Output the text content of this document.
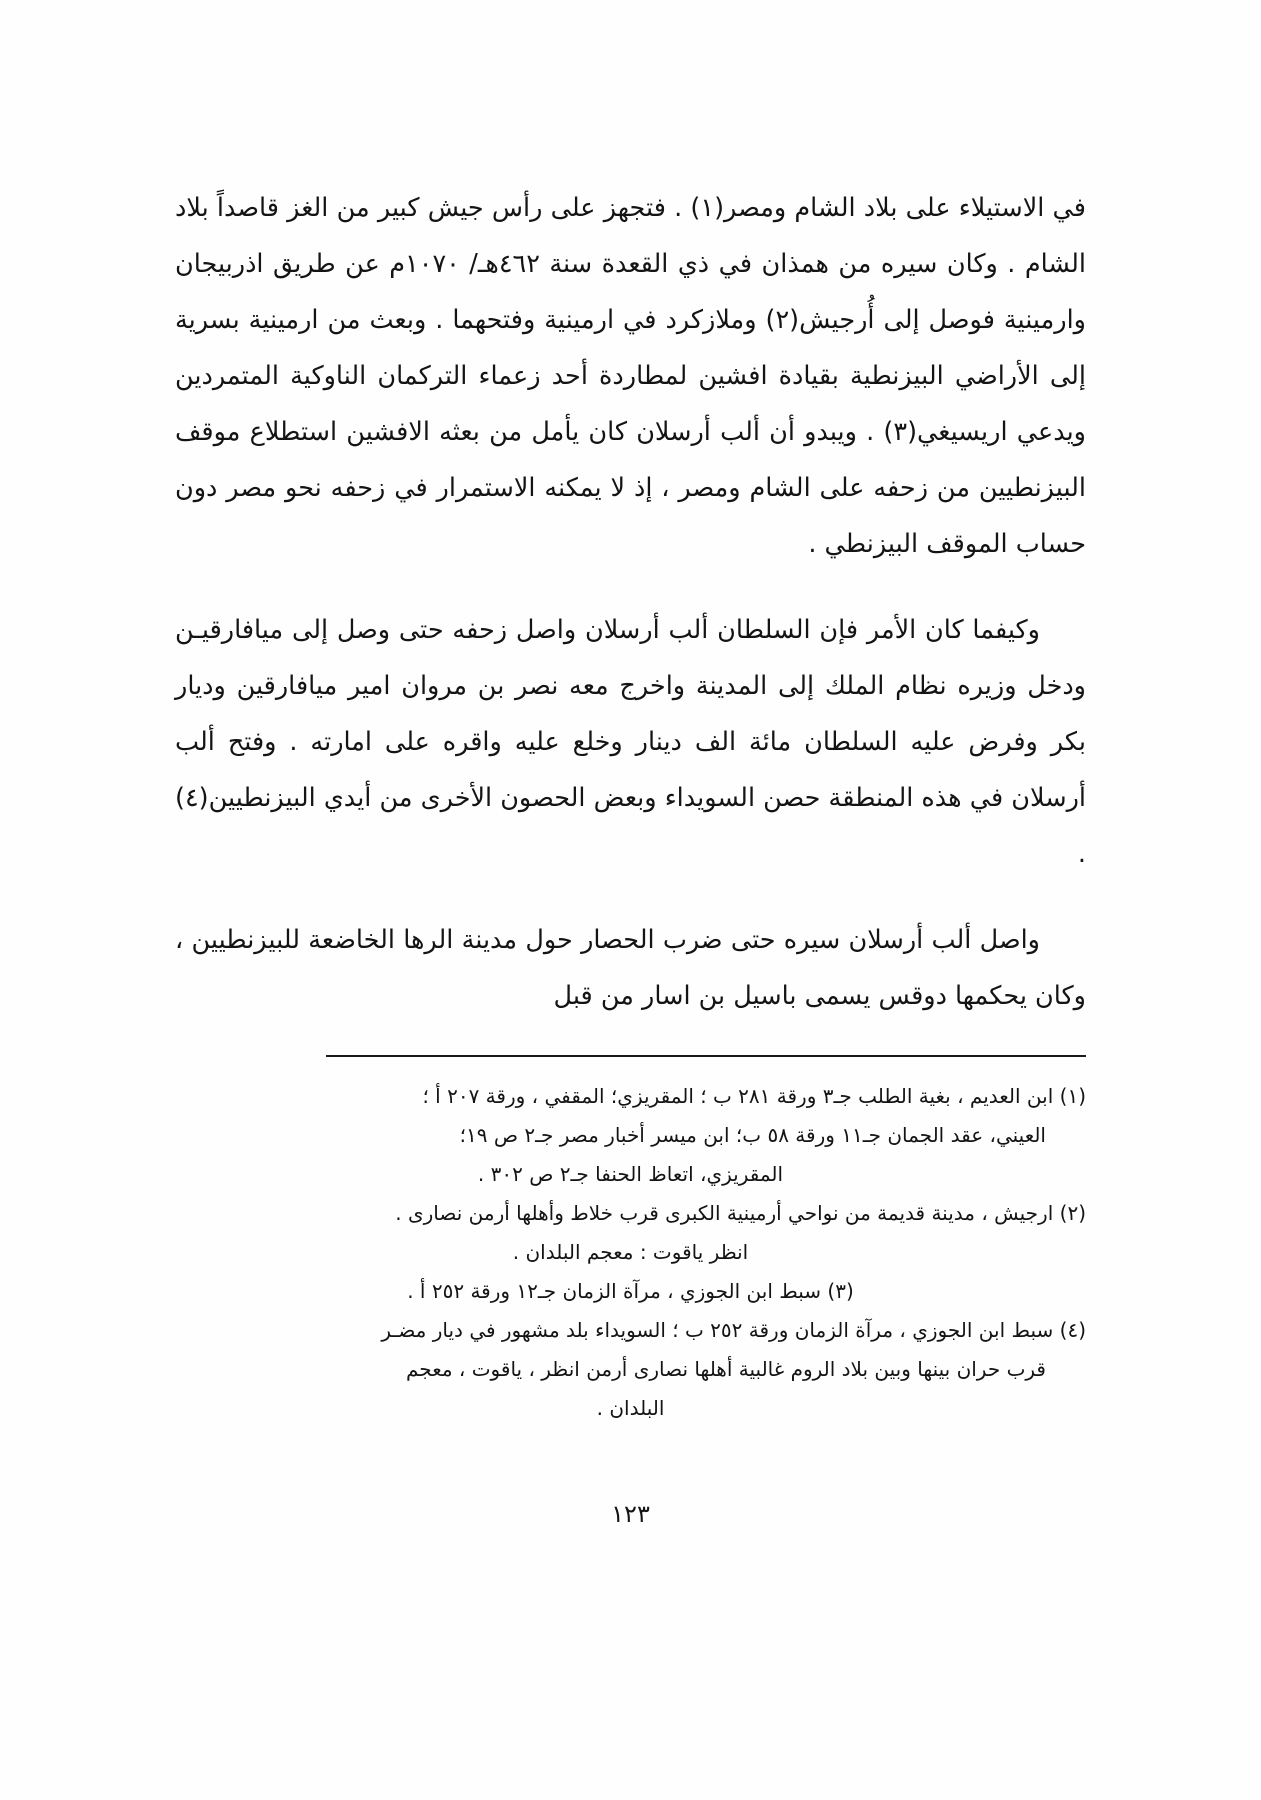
في الاستيلاء على بلاد الشام ومصر(١) . فتجهز على رأس جيش كبير من الغز قاصداً بلاد الشام . وكان سيره من همذان في ذي القعدة سنة ٤٦٢هـ/ ١٠٧٠م عن طريق اذربيجان وارمينية فوصل إلى أُرجيش(٢) وملازكرد في ارمينية وفتحهما . وبعث من ارمينية بسرية إلى الأراضي البيزنطية بقيادة افشين لمطاردة أحد زعماء التركمان الناوكية المتمردين ويدعي اريسيغي(٣) . ويبدو أن ألب أرسلان كان يأمل من بعثه الافشين استطلاع موقف البيزنطيين من زحفه على الشام ومصر ، إذ لا يمكنه الاستمرار في زحفه نحو مصر دون حساب الموقف البيزنطي .

وكيفما كان الأمر فإن السلطان ألب أرسلان واصل زحفه حتى وصل إلى ميافارقيـن ودخل وزيره نظام الملك إلى المدينة واخرج معه نصر بن مروان امير ميافارقين وديار بكر وفرض عليه السلطان مائة الف دينار وخلع عليه واقره على امارته . وفتح ألب أرسلان في هذه المنطقة حصن السويداء وبعض الحصون الأخرى من أيدي البيزنطيين(٤) .

واصل ألب أرسلان سيره حتى ضرب الحصار حول مدينة الرها الخاضعة للبيزنطيين ، وكان يحكمها دوقس يسمى باسيل بن اسار من قبل

(١) ابن العديم ، بغية الطلب جـ٣ ورقة ٢٨١ ب ؛ المقريزي؛ المقفي ، ورقة ٢٠٧ أ ؛

العيني، عقد الجمان جـ١١ ورقة ٥٨ ب؛ ابن ميسر أخبار مصر جـ٢ ص ١٩؛

المقريزي، اتعاظ الحنفا جـ٢ ص ٣٠٢ .

(٢) ارجيش ، مدينة قديمة من نواحي أرمينية الكبرى قرب خلاط وأهلها أرمن نصارى .

انظر ياقوت : معجم البلدان .

(٣) سبط ابن الجوزي ، مرآة الزمان جـ١٢ ورقة ٢٥٢ أ .

(٤) سبط ابن الجوزي ، مرآة الزمان ورقة ٢٥٢ ب ؛ السويداء بلد مشهور في ديار مضـر

قرب حران بينها وبين بلاد الروم غالبية أهلها نصارى أرمن انظر ، ياقوت ، معجم

البلدان .

١٢٣
